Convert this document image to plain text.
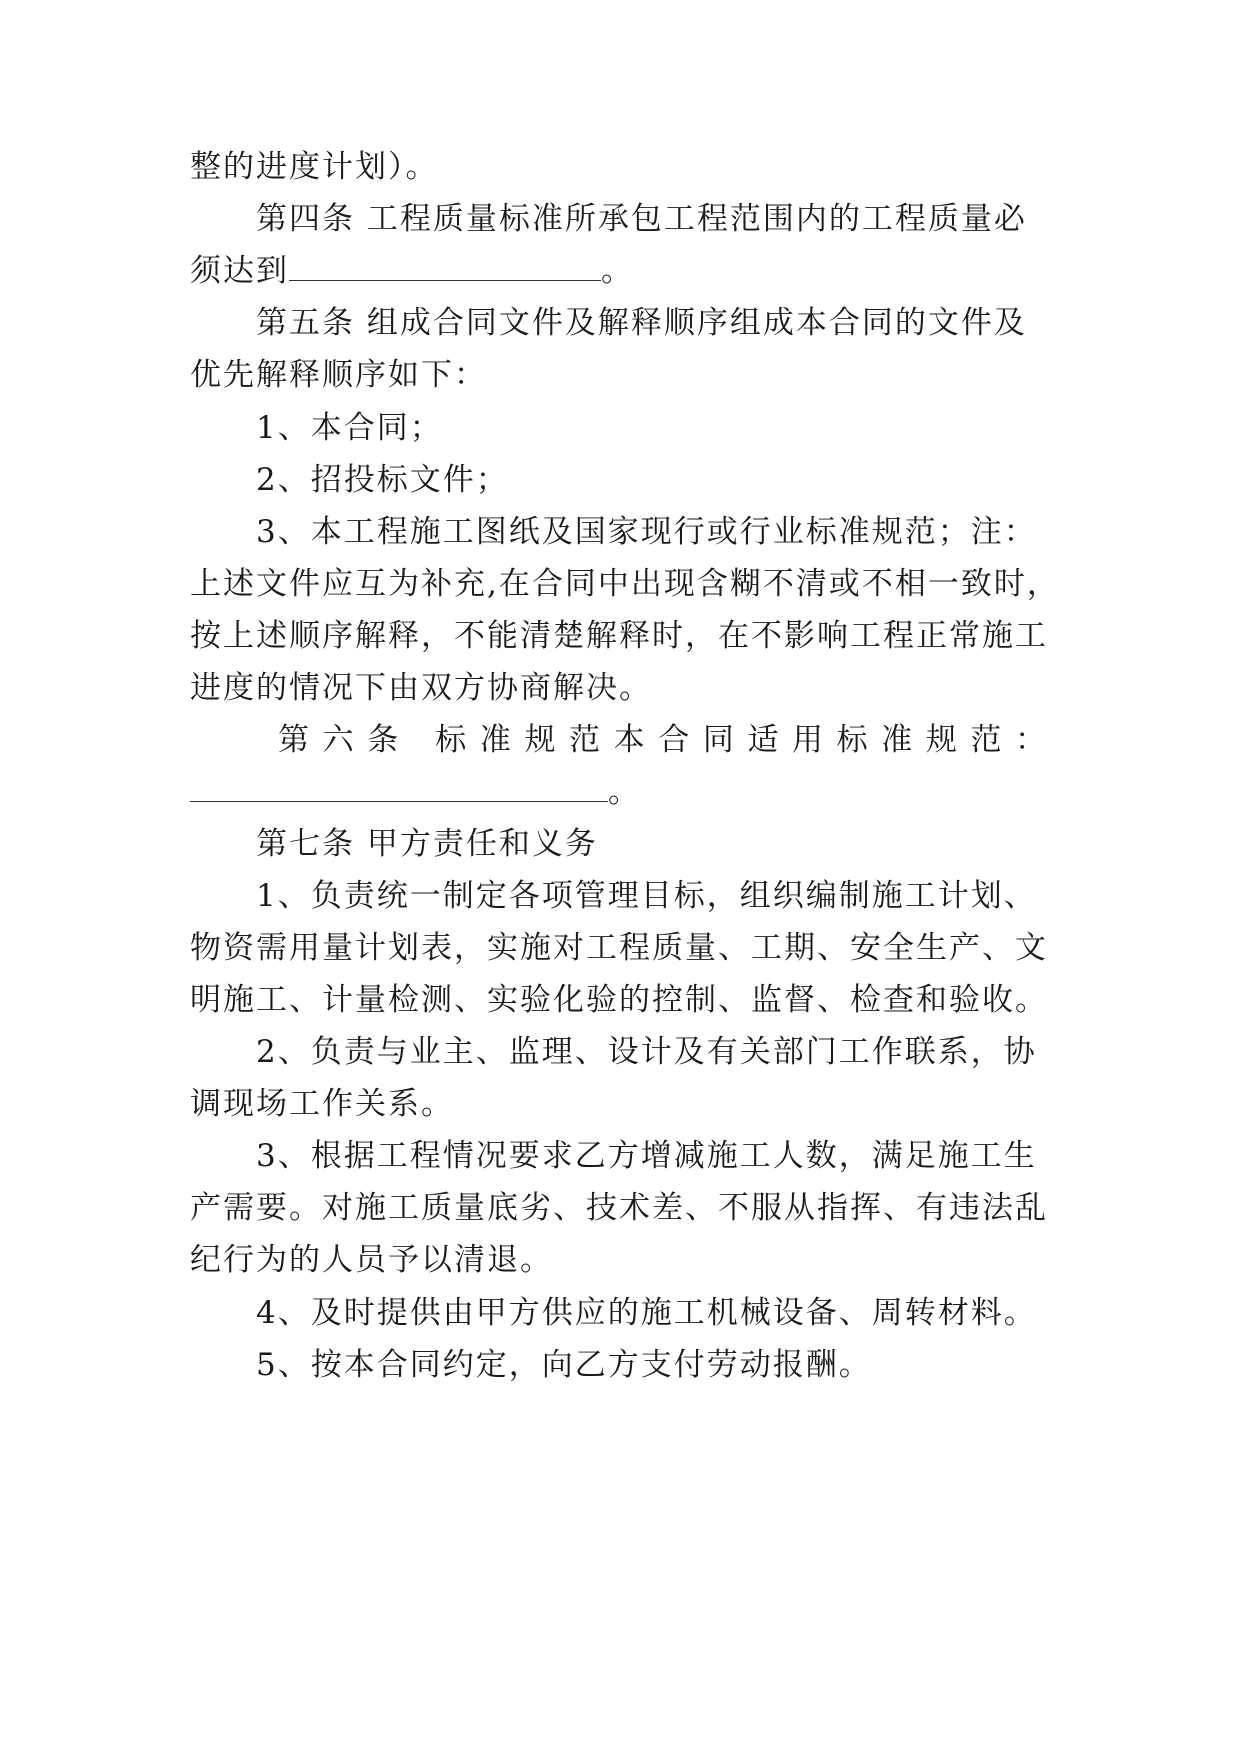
整的进度计划）。
第四条 工程质量标准所承包工程范围内的工程质量必
须达到	。
第五条 组成合同文件及解释顺序组成本合同的文件及
优先解释顺序如下：
1、本合同；
2、招投标文件；
3、本工程施工图纸及国家现行或行业标准规范；注：
上述文件应互为补充,在合同中出现含糊不清或不相一致时，
按上述顺序解释，不能清楚解释时，在不影响工程正常施工
进度的情况下由双方协商解决。
第六条 标准规范本合同适用标准规范：
。
第七条 甲方责任和义务
1、负责统一制定各项管理目标，组织编制施工计划、
物资需用量计划表，实施对工程质量、工期、安全生产、文
明施工、计量检测、实验化验的控制、监督、检查和验收。
2、负责与业主、监理、设计及有关部门工作联系，协
调现场工作关系。
3、根据工程情况要求乙方增减施工人数，满足施工生
产需要。对施工质量底劣、技术差、不服从指挥、有违法乱
纪行为的人员予以清退。
4、及时提供由甲方供应的施工机械设备、周转材料。
5、按本合同约定，向乙方支付劳动报酬。
